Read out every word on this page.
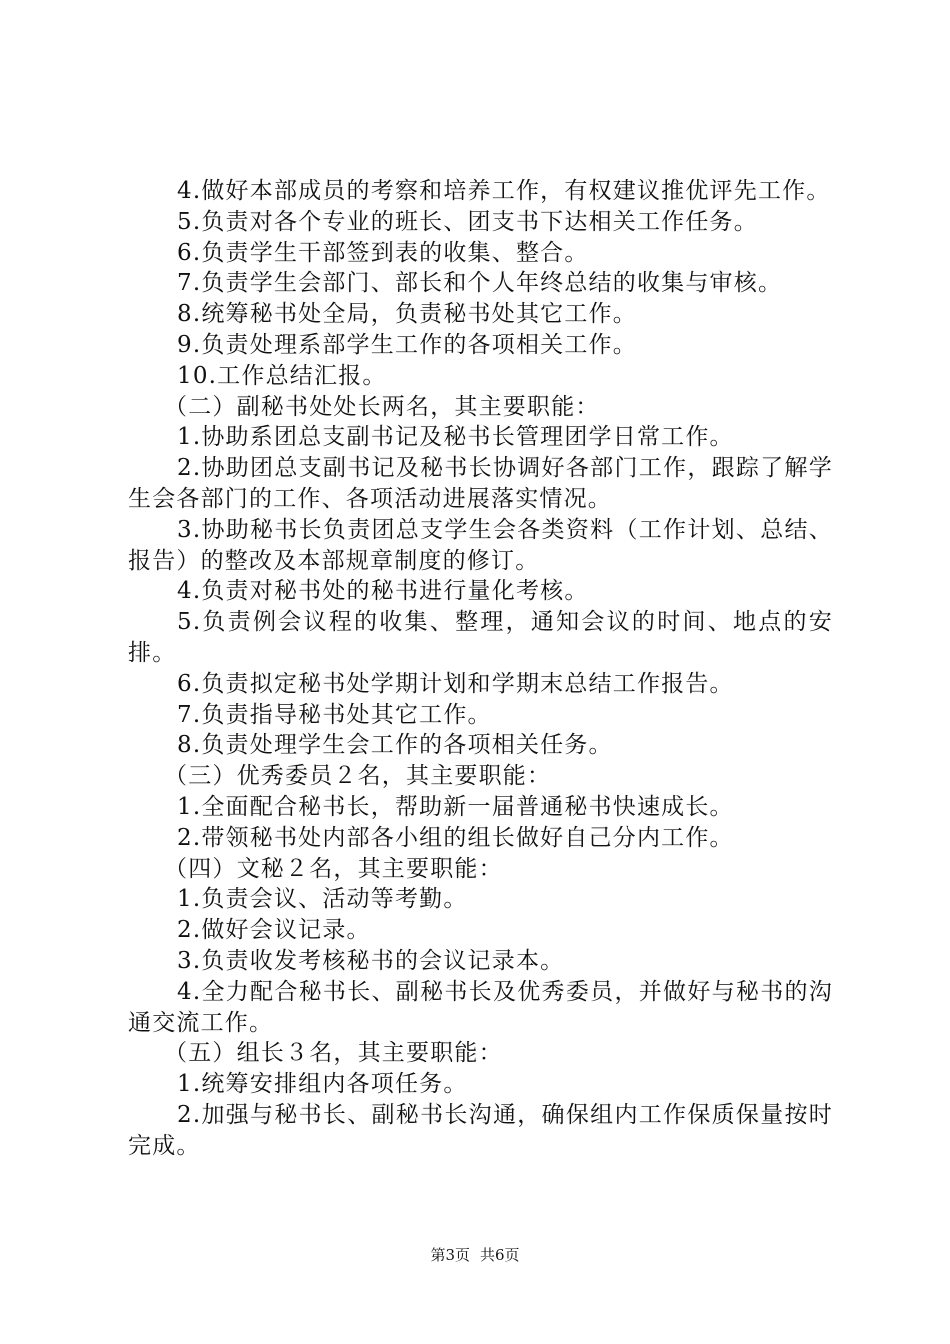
4.做好本部成员的考察和培养工作，有权建议推优评先工作。

5.负责对各个专业的班长、团支书下达相关工作任务。

6.负责学生干部签到表的收集、整合。

7.负责学生会部门、部长和个人年终总结的收集与审核。

8.统筹秘书处全局，负责秘书处其它工作。

9.负责处理系部学生工作的各项相关工作。

10.工作总结汇报。

（二）副秘书处处长两名，其主要职能：

1.协助系团总支副书记及秘书长管理团学日常工作。

2.协助团总支副书记及秘书长协调好各部门工作，跟踪了解学生会各部门的工作、各项活动进展落实情况。

3.协助秘书长负责团总支学生会各类资料（工作计划、总结、报告）的整改及本部规章制度的修订。

4.负责对秘书处的秘书进行量化考核。

5.负责例会议程的收集、整理，通知会议的时间、地点的安排。

6.负责拟定秘书处学期计划和学期末总结工作报告。

7.负责指导秘书处其它工作。

8.负责处理学生会工作的各项相关任务。

（三）优秀委员２名，其主要职能：

1.全面配合秘书长，帮助新一届普通秘书快速成长。

2.带领秘书处内部各小组的组长做好自己分内工作。

（四）文秘２名，其主要职能：

1.负责会议、活动等考勤。

2.做好会议记录。

3.负责收发考核秘书的会议记录本。

4.全力配合秘书长、副秘书长及优秀委员，并做好与秘书的沟通交流工作。

（五）组长３名，其主要职能：

1.统筹安排组内各项任务。

2.加强与秘书长、副秘书长沟通，确保组内工作保质保量按时完成。

第3页 共6页
